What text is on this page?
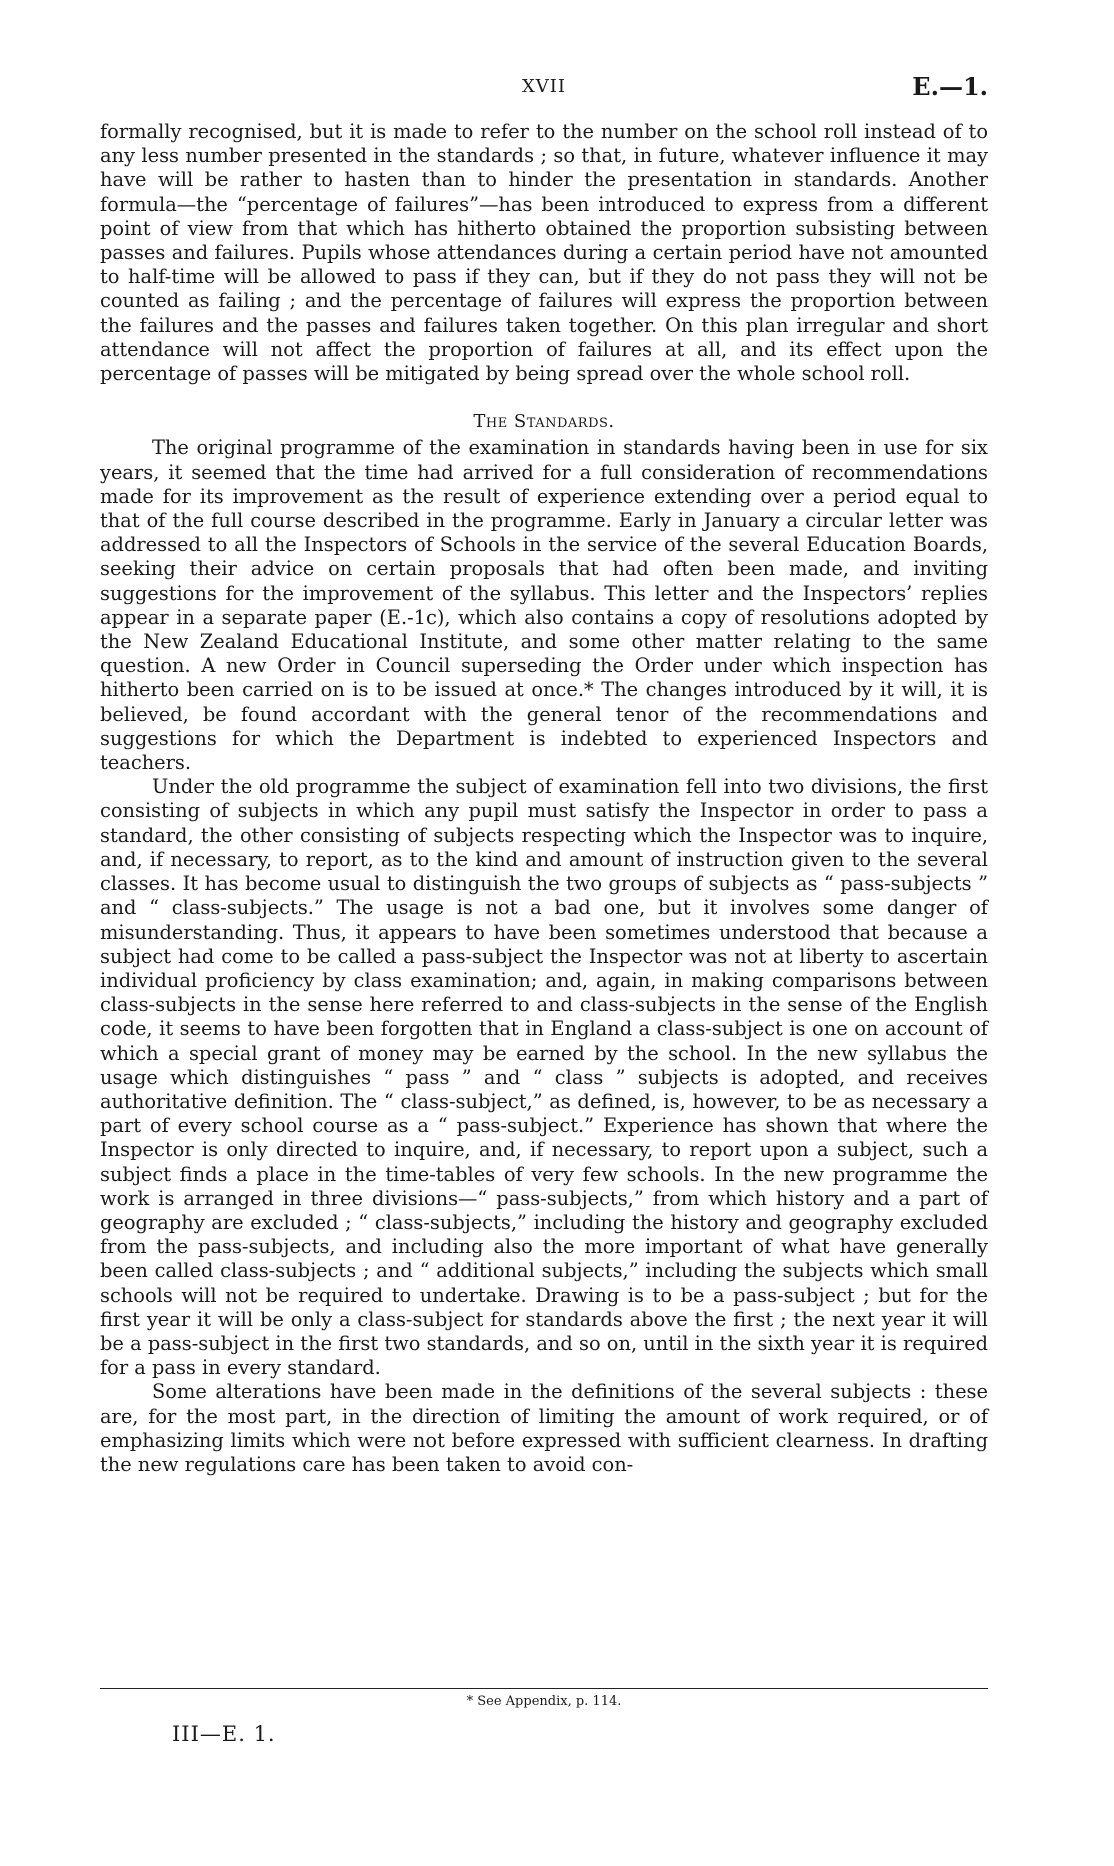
XVII	E.—1.

formally recognised, but it is made to refer to the number on the school roll instead of to any less number presented in the standards ; so that, in future, whatever influence it may have will be rather to hasten than to hinder the presentation in standards. Another formula—the “percentage of failures”—has been introduced to express from a different point of view from that which has hitherto obtained the proportion subsisting between passes and failures. Pupils whose attendances during a certain period have not amounted to half-time will be allowed to pass if they can, but if they do not pass they will not be counted as failing ; and the percentage of failures will express the proportion between the failures and the passes and failures taken together. On this plan irregular and short attendance will not affect the proportion of failures at all, and its effect upon the percentage of passes will be mitigated by being spread over the whole school roll.

The Standards.

The original programme of the examination in standards having been in use for six years, it seemed that the time had arrived for a full consideration of recommendations made for its improvement as the result of experience extending over a period equal to that of the full course described in the programme. Early in January a circular letter was addressed to all the Inspectors of Schools in the service of the several Education Boards, seeking their advice on certain proposals that had often been made, and inviting suggestions for the improvement of the syllabus. This letter and the Inspectors’ replies appear in a separate paper (E.-1c), which also contains a copy of resolutions adopted by the New Zealand Educational Institute, and some other matter relating to the same question. A new Order in Council superseding the Order under which inspection has hitherto been carried on is to be issued at once.* The changes introduced by it will, it is believed, be found accordant with the general tenor of the recommendations and suggestions for which the Department is indebted to experienced Inspectors and teachers.

Under the old programme the subject of examination fell into two divisions, the first consisting of subjects in which any pupil must satisfy the Inspector in order to pass a standard, the other consisting of subjects respecting which the Inspector was to inquire, and, if necessary, to report, as to the kind and amount of instruction given to the several classes. It has become usual to distinguish the two groups of subjects as “ pass-subjects ” and “ class-subjects.” The usage is not a bad one, but it involves some danger of misunderstanding. Thus, it appears to have been sometimes understood that because a subject had come to be called a pass-subject the Inspector was not at liberty to ascertain individual proficiency by class examination; and, again, in making comparisons between class-subjects in the sense here referred to and class-subjects in the sense of the English code, it seems to have been forgotten that in England a class-subject is one on account of which a special grant of money may be earned by the school. In the new syllabus the usage which distinguishes “ pass ” and “ class ” subjects is adopted, and receives authoritative definition. The “ class-subject,” as defined, is, however, to be as necessary a part of every school course as a “ pass-subject.” Experience has shown that where the Inspector is only directed to inquire, and, if necessary, to report upon a subject, such a subject finds a place in the time-tables of very few schools. In the new programme the work is arranged in three divisions—“ pass-subjects,” from which history and a part of geography are excluded ; “ class-subjects,” including the history and geography excluded from the pass-subjects, and including also the more important of what have generally been called class-subjects ; and “ additional subjects,” including the subjects which small schools will not be required to undertake. Drawing is to be a pass-subject ; but for the first year it will be only a class-subject for standards above the first ; the next year it will be a pass-subject in the first two standards, and so on, until in the sixth year it is required for a pass in every standard.

Some alterations have been made in the definitions of the several subjects : these are, for the most part, in the direction of limiting the amount of work required, or of emphasizing limits which were not before expressed with sufficient clearness. In drafting the new regulations care has been taken to avoid con-

* See Appendix, p. 114.
III—E. 1.
